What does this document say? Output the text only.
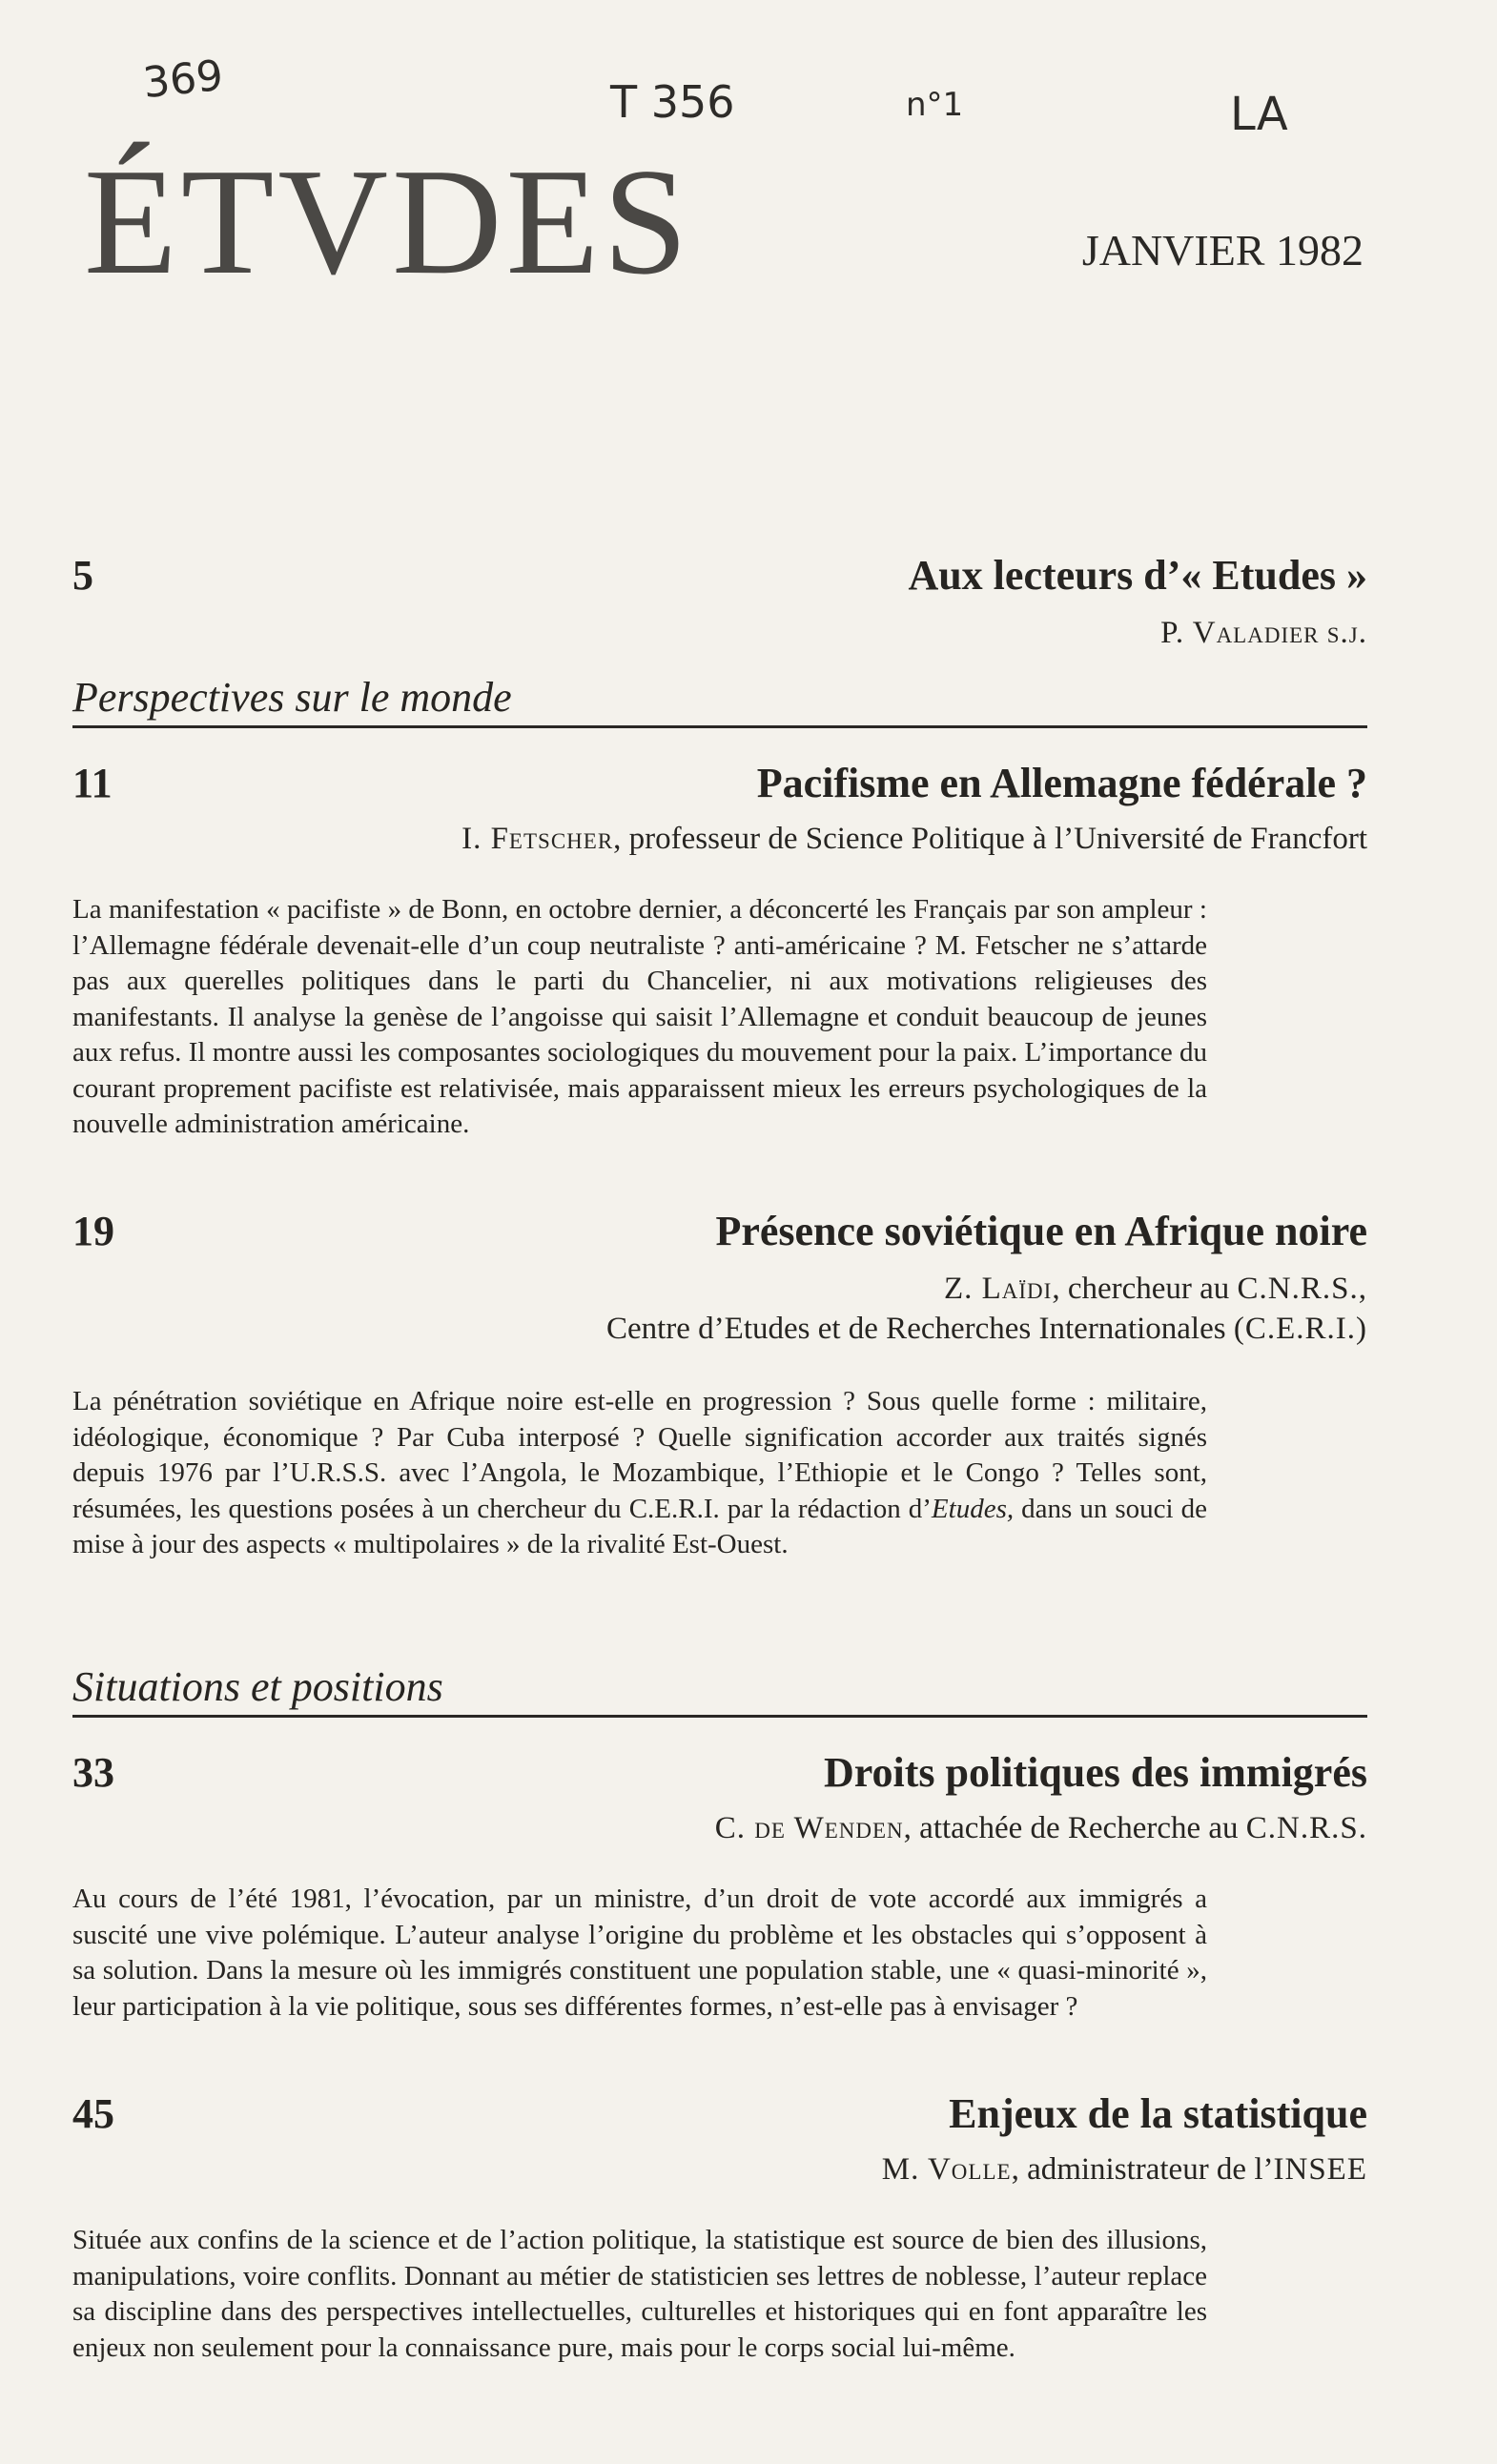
369	T 356	n°1	LA
ÉTVDES	JANVIER 1982
5	Aux lecteurs d’« Etudes »
P. Valadier s.j.
Perspectives sur le monde
11	Pacifisme en Allemagne fédérale ?
I. Fetscher, professeur de Science Politique à l’Université de Francfort
La manifestation « pacifiste » de Bonn, en octobre dernier, a déconcerté les Français par son ampleur : l’Allemagne fédérale devenait-elle d’un coup neutraliste ? anti-américaine ? M. Fetscher ne s’attarde pas aux querelles politiques dans le parti du Chancelier, ni aux motivations religieuses des manifestants. Il analyse la genèse de l’angoisse qui saisit l’Allemagne et conduit beaucoup de jeunes aux refus. Il montre aussi les composantes sociologiques du mouvement pour la paix. L’importance du courant proprement pacifiste est relativisée, mais apparaissent mieux les erreurs psychologiques de la nouvelle administration américaine.
19	Présence soviétique en Afrique noire
Z. Laïdi, chercheur au C.N.R.S.,
Centre d’Etudes et de Recherches Internationales (C.E.R.I.)
La pénétration soviétique en Afrique noire est-elle en progression ? Sous quelle forme : militaire, idéologique, économique ? Par Cuba interposé ? Quelle signification accorder aux traités signés depuis 1976 par l’U.R.S.S. avec l’Angola, le Mozambique, l’Ethiopie et le Congo ? Telles sont, résumées, les questions posées à un chercheur du C.E.R.I. par la rédaction d’Etudes, dans un souci de mise à jour des aspects « multipolaires » de la rivalité Est-Ouest.
Situations et positions
33	Droits politiques des immigrés
C. de Wenden, attachée de Recherche au C.N.R.S.
Au cours de l’été 1981, l’évocation, par un ministre, d’un droit de vote accordé aux immigrés a suscité une vive polémique. L’auteur analyse l’origine du problème et les obstacles qui s’opposent à sa solution. Dans la mesure où les immigrés constituent une population stable, une « quasi-minorité », leur participation à la vie politique, sous ses différentes formes, n’est-elle pas à envisager ?
45	Enjeux de la statistique
M. Volle, administrateur de l’INSEE
Située aux confins de la science et de l’action politique, la statistique est source de bien des illusions, manipulations, voire conflits. Donnant au métier de statisticien ses lettres de noblesse, l’auteur replace sa discipline dans des perspectives intellectuelles, culturelles et historiques qui en font apparaître les enjeux non seulement pour la connaissance pure, mais pour le corps social lui-même.
